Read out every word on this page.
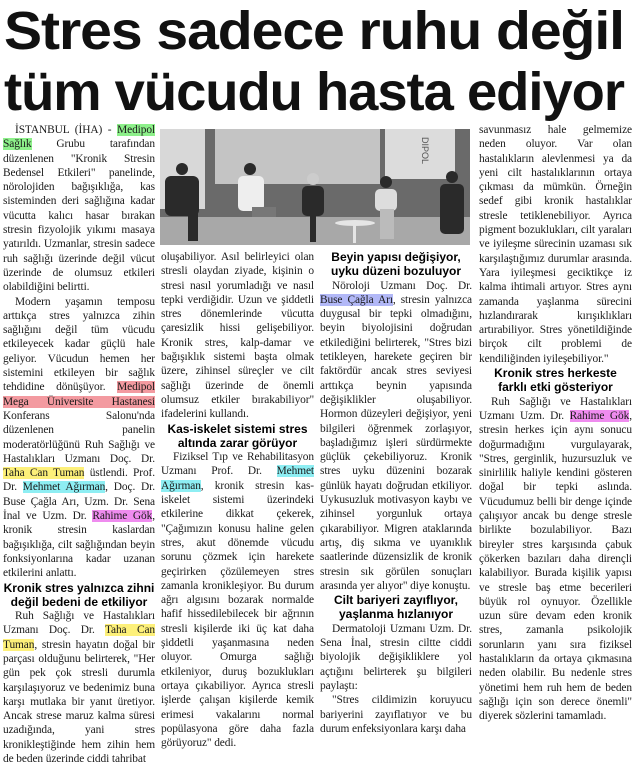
Stres sadece ruhu değil
tüm vücudu hasta ediyor

İSTANBUL (İHA) - Medipol Sağlık Grubu tarafından düzenlenen "Kronik Stresin Bedensel Etkileri" panelinde, nörolojiden bağışıklığa, kas sisteminden deri sağlığına kadar vücutta kalıcı hasar bırakan stresin fizyolojik yıkımı masaya yatırıldı. Uzmanlar, stresin sadece ruh sağlığı üzerinde değil vücut üzerinde de olumsuz etkileri olabildiğini belirtti.

Modern yaşamın temposu arttıkça stres yalnızca zihin sağlığını değil tüm vücudu etkileyecek kadar güçlü hale geliyor. Vücudun hemen her sistemini etkileyen bir sağlık tehdidine dönüşüyor. Medipol Mega Üniversite Hastanesi Konferans Salonu'nda düzenlenen panelin moderatörlüğünü Ruh Sağlığı ve Hastalıkları Uzmanı Doç. Dr. Taha Can Tuman üstlendi. Prof. Dr. Mehmet Ağırman, Doç. Dr. Buse Çağla Arı, Uzm. Dr. Sena İnal ve Uzm. Dr. Rahime Gök, kronik stresin kaslardan bağışıklığa, cilt sağlığından beyin fonksiyonlarına kadar uzanan etkilerini anlattı.

Kronik stres yalnızca zihni değil bedeni de etkiliyor

Ruh Sağlığı ve Hastalıkları Uzmanı Doç. Dr. Taha Can Tuman, stresin hayatın doğal bir parçası olduğunu belirterek, "Her gün pek çok stresli durumla karşılaşıyoruz ve bedenimiz buna karşı mutlaka bir yanıt üretiyor. Ancak strese maruz kalma süresi uzadığında, yani stres kronikleştiğinde hem zihin hem de beden üzerinde ciddi tahribat

DIPOL

oluşabiliyor. Asıl belirleyici olan stresli olaydan ziyade, kişinin o stresi nasıl yorumladığı ve nasıl tepki verdiğidir. Uzun ve şiddetli stres dönemlerinde vücutta çaresizlik hissi gelişebiliyor. Kronik stres, kalp-damar ve bağışıklık sistemi başta olmak üzere, zihinsel süreçler ve cilt sağlığı üzerinde de önemli olumsuz etkiler bırakabiliyor" ifadelerini kullandı.

Kas-iskelet sistemi stres altında zarar görüyor

Fiziksel Tıp ve Rehabilitasyon Uzmanı Prof. Dr. Mehmet Ağırman, kronik stresin kas-iskelet sistemi üzerindeki etkilerine dikkat çekerek, "Çağımızın konusu haline gelen stres, akut dönemde vücudu sorunu çözmek için harekete geçirirken çözülemeyen stres zamanla kronikleşiyor. Bu durum ağrı algısını bozarak normalde hafif hissedilebilecek bir ağrının stresli kişilerde iki üç kat daha şiddetli yaşanmasına neden oluyor. Omurga sağlığı etkileniyor, duruş bozuklukları ortaya çıkabiliyor. Ayrıca stresli işlerde çalışan kişilerde kemik erimesi vakalarını normal popülasyona göre daha fazla görüyoruz" dedi.

Beyin yapısı değişiyor, uyku düzeni bozuluyor

Nöroloji Uzmanı Doç. Dr. Buse Çağla Arı, stresin yalnızca duygusal bir tepki olmadığını, beyin biyolojisini doğrudan etkilediğini belirterek, "Stres bizi tetikleyen, harekete geçiren bir faktördür ancak stres seviyesi arttıkça beynin yapısında değişiklikler oluşabiliyor. Hormon düzeyleri değişiyor, yeni bilgileri öğrenmek zorlaşıyor, başladığımız işleri sürdürmekte güçlük çekebiliyoruz. Kronik stres uyku düzenini bozarak günlük hayatı doğrudan etkiliyor. Uykusuzluk motivasyon kaybı ve zihinsel yorgunluk ortaya çıkarabiliyor. Migren ataklarında artış, diş sıkma ve uyanıklık saatlerinde düzensizlik de kronik stresin sık görülen sonuçları arasında yer alıyor" diye konuştu.

Cilt bariyeri zayıflıyor, yaşlanma hızlanıyor

Dermatoloji Uzmanı Uzm. Dr. Sena İnal, stresin ciltte ciddi biyolojik değişikliklere yol açtığını belirterek şu bilgileri paylaştı:

"Stres cildimizin koruyucu bariyerini zayıflatıyor ve bu durum enfeksiyonlara karşı daha

savunmasız hale gelmemize neden oluyor. Var olan hastalıkların alevlenmesi ya da yeni cilt hastalıklarının ortaya çıkması da mümkün. Örneğin sedef gibi kronik hastalıklar stresle tetiklenebiliyor. Ayrıca pigment bozuklukları, cilt yaraları ve iyileşme sürecinin uzaması sık karşılaştığımız durumlar arasında. Yara iyileşmesi geciktikçe iz kalma ihtimali artıyor. Stres aynı zamanda yaşlanma sürecini hızlandırarak kırışıklıkları artırabiliyor. Stres yönetildiğinde birçok cilt problemi de kendiliğinden iyileşebiliyor."

Kronik stres herkeste farklı etki gösteriyor

Ruh Sağlığı ve Hastalıkları Uzmanı Uzm. Dr. Rahime Gök, stresin herkes için aynı sonucu doğurmadığını vurgulayarak, "Stres, gerginlik, huzursuzluk ve sinirlilik haliyle kendini gösteren doğal bir tepki aslında. Vücudumuz belli bir denge içinde çalışıyor ancak bu denge stresle birlikte bozulabiliyor. Bazı bireyler stres karşısında çabuk çökerken bazıları daha dirençli kalabiliyor. Burada kişilik yapısı ve stresle baş etme becerileri büyük rol oynuyor. Özellikle uzun süre devam eden kronik stres, zamanla psikolojik sorunların yanı sıra fiziksel hastalıkların da ortaya çıkmasına neden olabilir. Bu nedenle stres yönetimi hem ruh hem de beden sağlığı için son derece önemli" diyerek sözlerini tamamladı.
